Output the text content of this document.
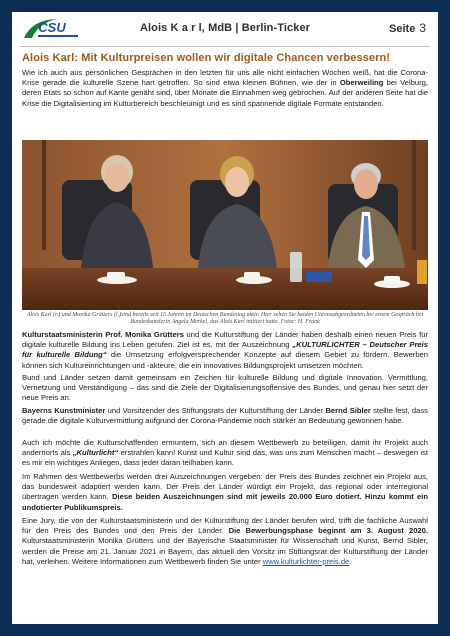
CSU	Alois K a r l, MdB | Berlin-Ticker	Seite 3
Alois Karl: Mit Kulturpreisen wollen wir digitale Chancen verbessern!
Wie ich auch aus persönlichen Gesprächen in den letzten für uns alle nicht einfachen Wochen weiß, hat die Corona-Krise gerade die kulturelle Szene hart getroffen. So sind etwa kleinen Bühnen, wie der in Oberweiling bei Velburg, deren Etats so schon auf Kante genäht sind, über Monate die Einnahmen weg gebrochen. Auf der anderen Seite hat die Krise die Digitalisierung im Kulturbereich beschleuinigt und es sind spannende digitale Formate entstanden.
Alois Karl (r.) und Monika Grütters (l.)sind bereits seit 15 Jahren im Deutschen Bundestag aktiv. Hier sehen Sie beiden Unionsabgeordneten bei einem Gespräch bei Bundeskanzlerin Angela Merkel, das Alois Karl initiiert hatte. Fotor: H. Frank
Kulturstaatsministerin Prof. Monika Grütters und die Kulturstiftung der Länder haben deshalb einen neuen Preis für digitale kulturelle Bildung ins Leben gerufen. Ziel ist es, mit der Auszeichnung „KULTURLICHTER – Deutscher Preis für kulturelle Bildung“ die Umsetzung erfolgversprechender Konzepte auf diesem Gebiet zu fördern. Bewerben können sich Kultureinrichtungen und -akteure, die ein innovatives Bildungsprojekt umsetzen möchten.
Bund und Länder setzen damit gemeinsam ein Zeichen für kulturelle Bildung und digitale Innovation. Vermittlung, Vernetzung und Verständigung – das sind die Ziele der Digitalisierungsoffensive des Bundes, und genau hier setzt der neue Preis an.
Bayerns Kunstminister und Vorsitzender des Stiftungsrats der Kulturstiftung der Länder Bernd Sibler stellte fest, dass gerade die digitale Kulturvermittlung aufgrund der Corona-Pandemie noch stärker an Bedeutung gewonnen habe.
Auch ich möchte die Kulturschaffenden ermuntern, sich an diesem Wettbewerb zu beteiligen, damit ihr Projekt auch andernorts als „Kulturlicht“ erstrahlen kann! Kunst und Kultur sind das, was uns zum Menschen macht – deswegen ist es mir ein wichtiges Anliegen, dass jeder daran teilhaben kann.
Im Rahmen des Wettbewerbs werden drei Auszeichnungen vergeben: der Preis des Bundes zeichnet ein Projekt aus, das bundesweit adaptiert werden kann. Der Preis der Länder würdigt ein Projekt, das regional oder interregional übertragen werden kann. Diese beiden Auszeichnungen sind mit jeweils 20.000 Euro dotiert. Hinzu kommt ein undotierter Publikumspreis.
Eine Jury, die von der Kulturstaatsministerin und der Kulturstiftung der Länder berufen wird, trifft die fachliche Auswahl für den Preis des Bundes und den Preis der Länder. Die Bewerbungsphase beginnt am 3. August 2020. Kulturstaatsministerin Monika Grütters und der Bayerische Staatsminister für Wissenschaft und Kunst, Bernd Sibler, werden die Preise am 21. Januar 2021 in Bayern, das aktuell den Vorsitz im Stiftungsrat der Kulturstiftung der Länder hat, verleihen. Weitere Informationen zum Wettbewerb finden Sie unter www.kulturlichter-preis.de.
